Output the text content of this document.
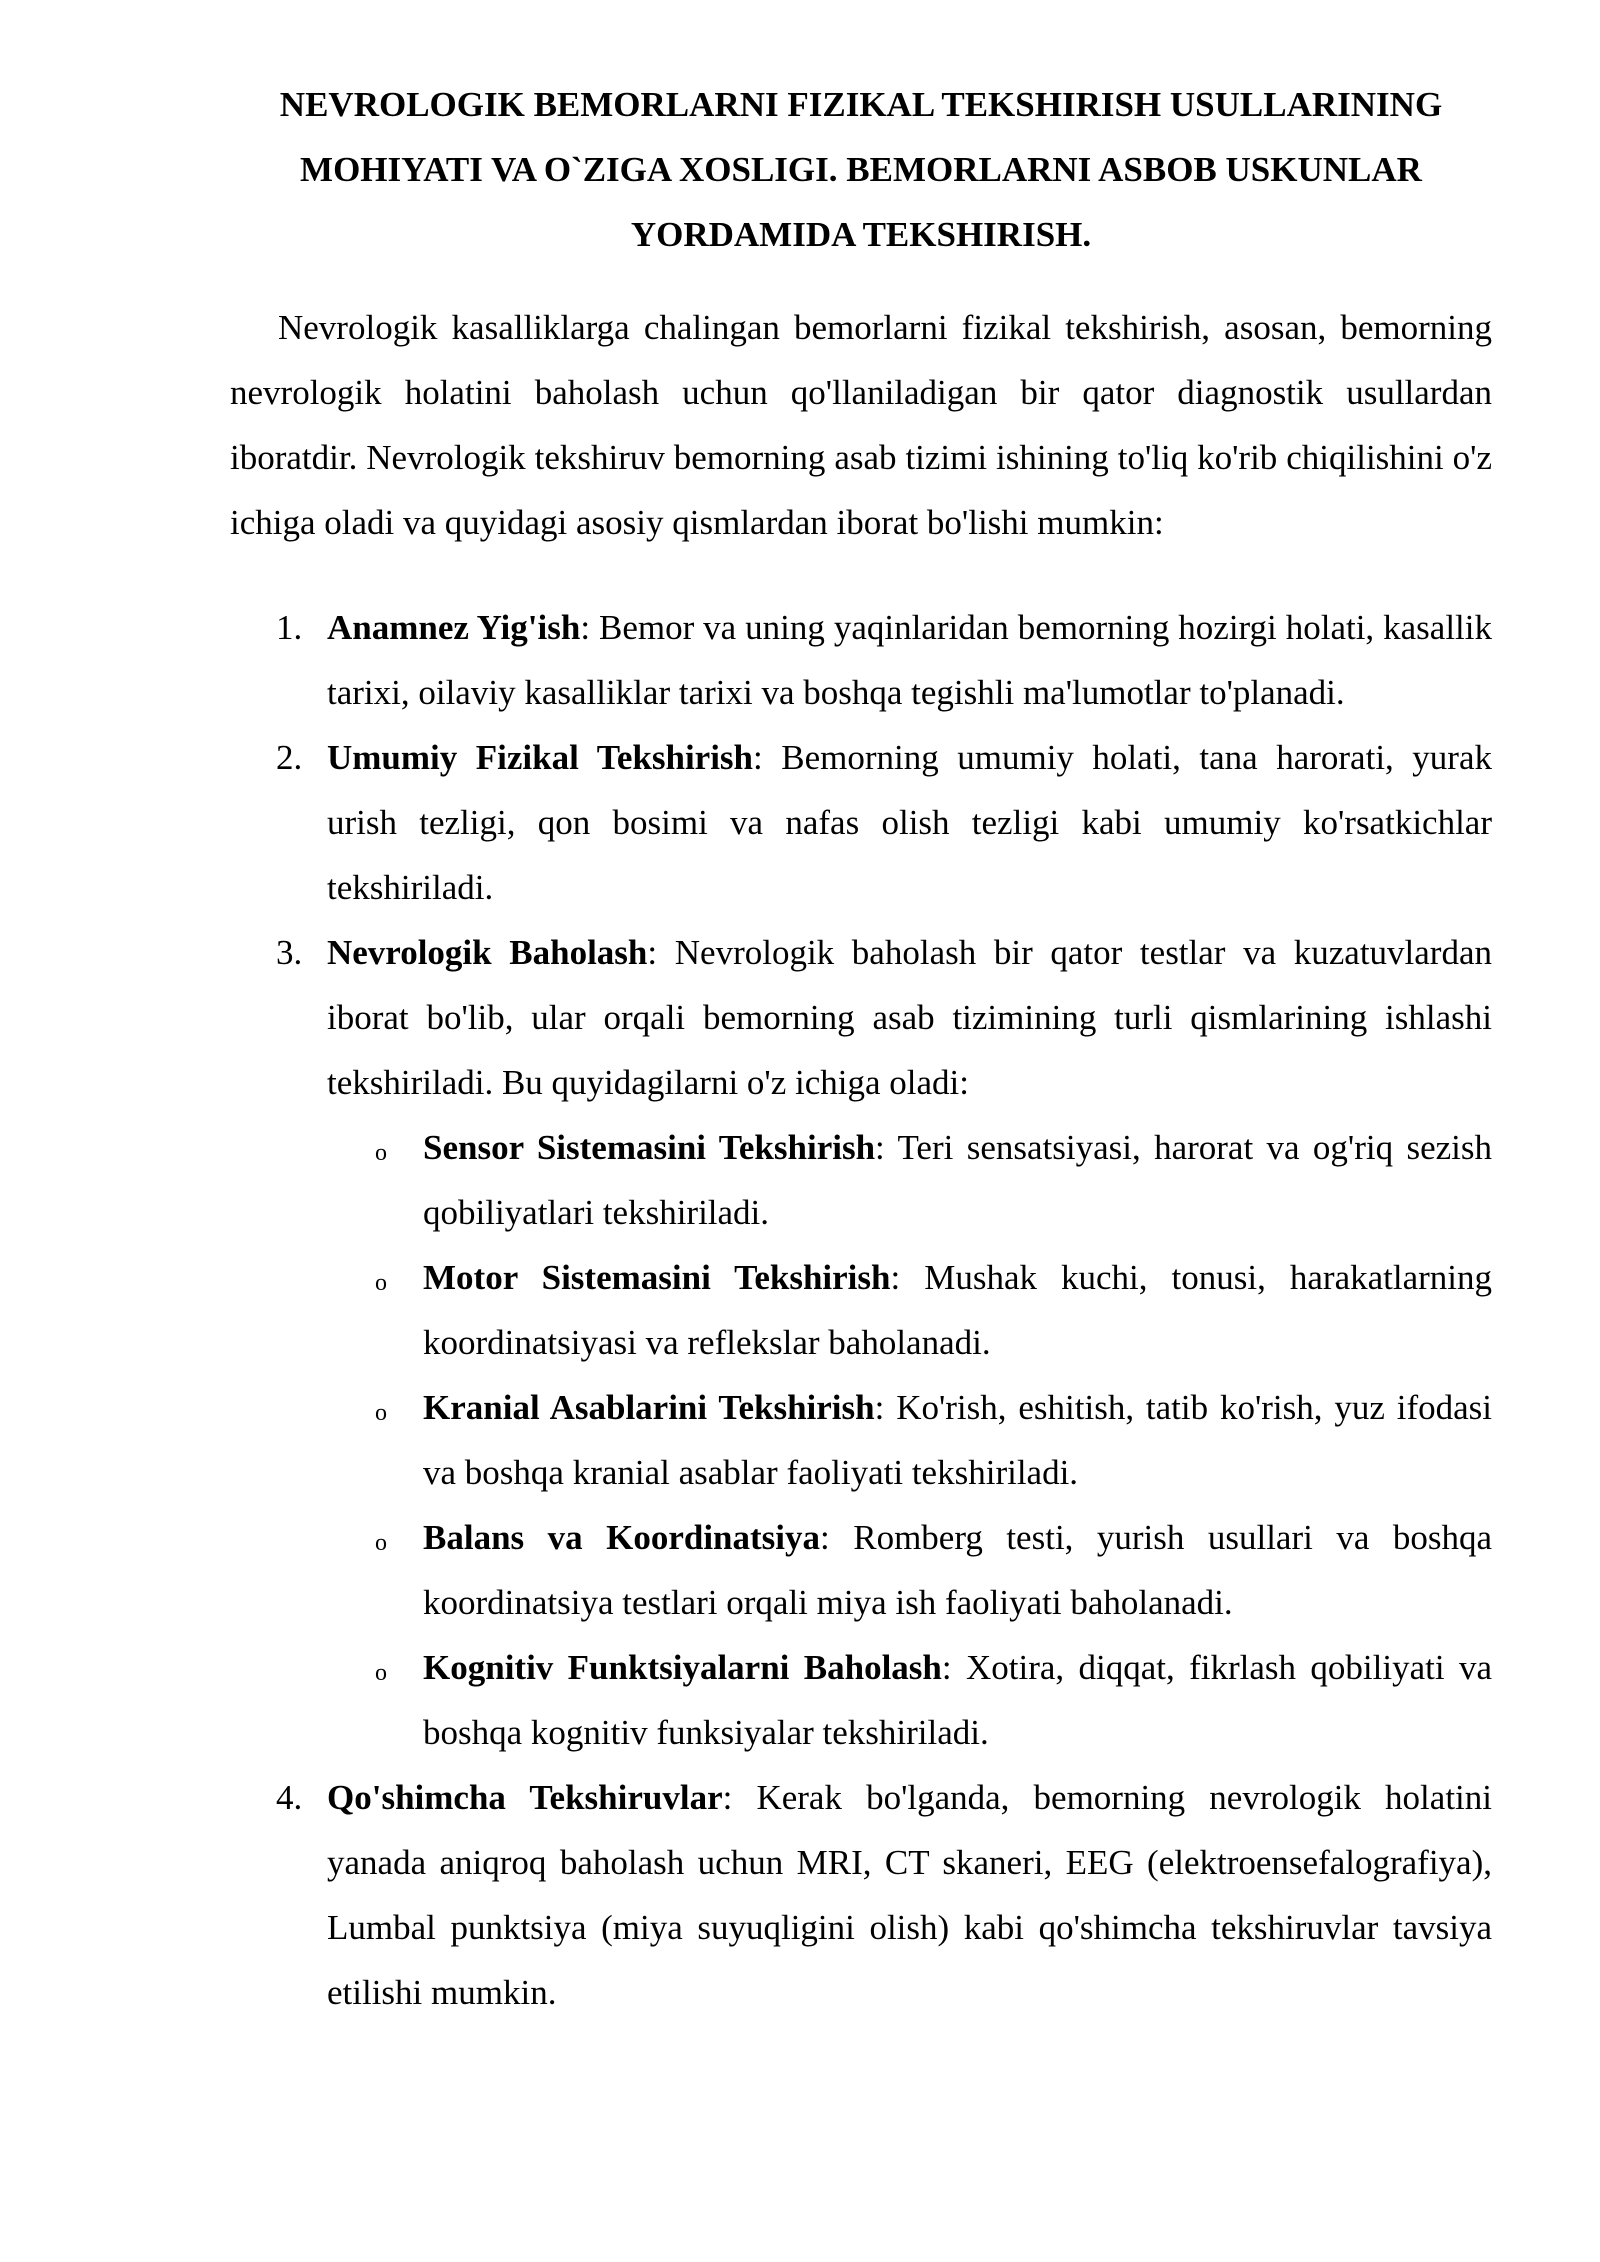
NEVROLOGIK BEMORLARNI FIZIKAL TEKSHIRISH USULLARINING MOHIYATI VA O`ZIGA XOSLIGI. BEMORLARNI ASBOB USKUNLAR YORDAMIDA TEKSHIRISH.

Nevrologik kasalliklarga chalingan bemorlarni fizikal tekshirish, asosan, bemorning nevrologik holatini baholash uchun qo'llaniladigan bir qator diagnostik usullardan iboratdir. Nevrologik tekshiruv bemorning asab tizimi ishining to'liq ko'rib chiqilishini o'z ichiga oladi va quyidagi asosiy qismlardan iborat bo'lishi mumkin:

1. Anamnez Yig'ish: Bemor va uning yaqinlaridan bemorning hozirgi holati, kasallik tarixi, oilaviy kasalliklar tarixi va boshqa tegishli ma'lumotlar to'planadi.
2. Umumiy Fizikal Tekshirish: Bemorning umumiy holati, tana harorati, yurak urish tezligi, qon bosimi va nafas olish tezligi kabi umumiy ko'rsatkichlar tekshiriladi.
3. Nevrologik Baholash: Nevrologik baholash bir qator testlar va kuzatuvlardan iborat bo'lib, ular orqali bemorning asab tizimining turli qismlarining ishlashi tekshiriladi. Bu quyidagilarni o'z ichiga oladi:
o Sensor Sistemasini Tekshirish: Teri sensatsiyasi, harorat va og'riq sezish qobiliyatlari tekshiriladi.
o Motor Sistemasini Tekshirish: Mushak kuchi, tonusi, harakatlarning koordinatsiyasi va reflekslar baholanadi.
o Kranial Asablarini Tekshirish: Ko'rish, eshitish, tatib ko'rish, yuz ifodasi va boshqa kranial asablar faoliyati tekshiriladi.
o Balans va Koordinatsiya: Romberg testi, yurish usullari va boshqa koordinatsiya testlari orqali miya ish faoliyati baholanadi.
o Kognitiv Funktsiyalarni Baholash: Xotira, diqqat, fikrlash qobiliyati va boshqa kognitiv funksiyalar tekshiriladi.
4. Qo'shimcha Tekshiruvlar: Kerak bo'lganda, bemorning nevrologik holatini yanada aniqroq baholash uchun MRI, CT skaneri, EEG (elektroensefalografiya), Lumbal punktsiya (miya suyuqligini olish) kabi qo'shimcha tekshiruvlar tavsiya etilishi mumkin.
